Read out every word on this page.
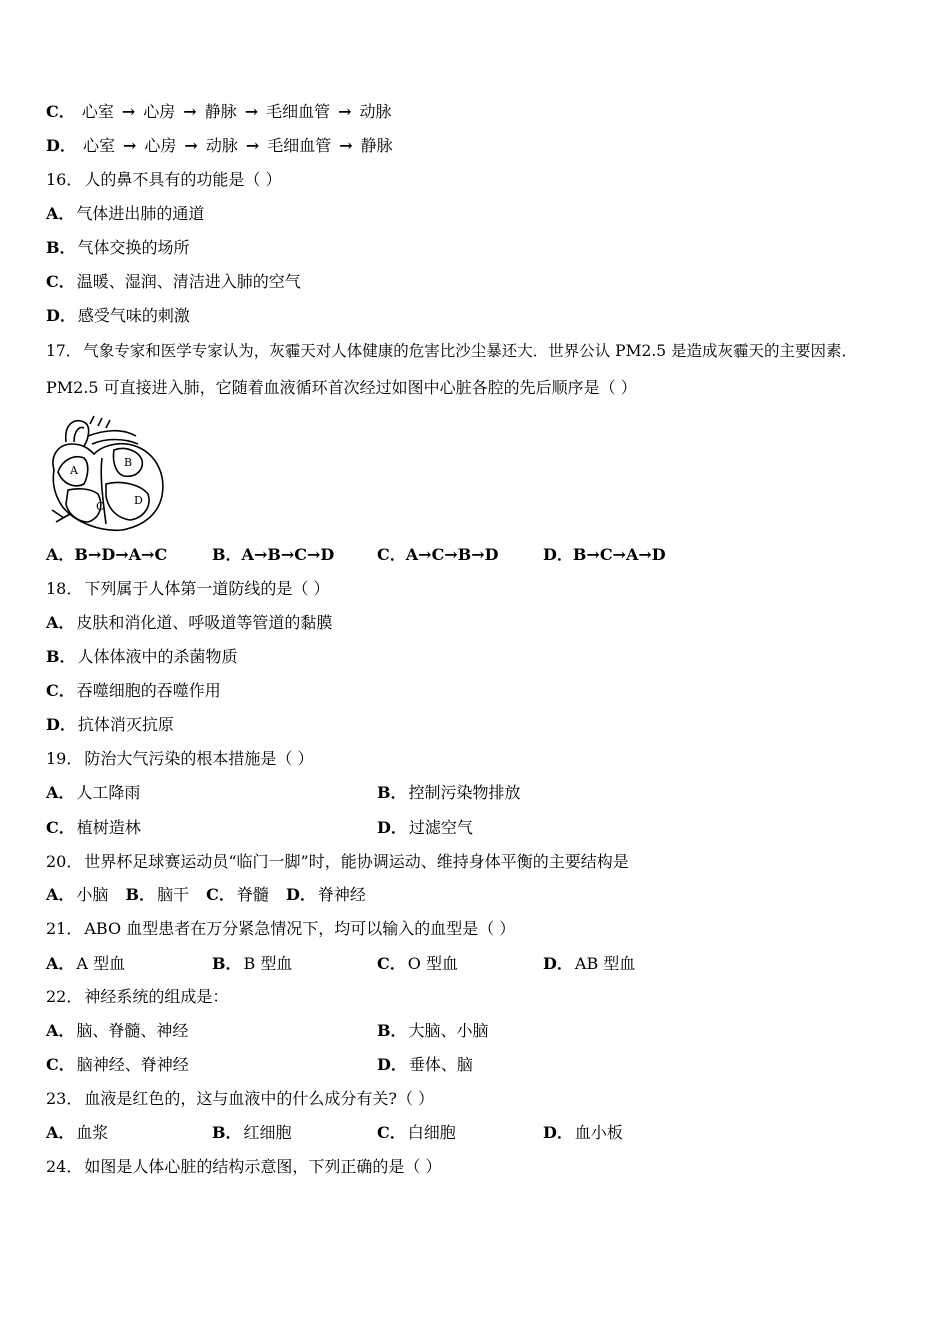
C． 心室 → 心房 → 静脉 → 毛细血管 → 动脉
D． 心室 → 心房 → 动脉 → 毛细血管 → 静脉
16． 人的鼻不具有的功能是（ ）
A． 气体进出肺的通道
B． 气体交换的场所
C． 温暖、湿润、清洁进入肺的空气
D． 感受气味的刺激
17． 气象专家和医学专家认为，灰霾天对人体健康的危害比沙尘暴还大．世界公认 PM2.5 是造成灰霾天的主要因素．
PM2.5 可直接进入肺，它随着血液循环首次经过如图中心脏各腔的先后顺序是（ ）
A
B
C	D
A．B→D→A→C	B．A→B→C→D	C．A→C→B→D	D．B→C→A→D
18． 下列属于人体第一道防线的是（ ）
A． 皮肤和消化道、呼吸道等管道的黏膜
B． 人体体液中的杀菌物质
C． 吞噬细胞的吞噬作用
D． 抗体消灭抗原
19． 防治大气污染的根本措施是（ ）
A． 人工降雨	B． 控制污染物排放
C． 植树造林	D． 过滤空气
20． 世界杯足球赛运动员“临门一脚”时，能协调运动、维持身体平衡的主要结构是
A． 小脑 B． 脑干 C． 脊髓 D． 脊神经
21． ABO 血型患者在万分紧急情况下，均可以输入的血型是（ ）
A． A 型血	B． B 型血	C． O 型血	D． AB 型血
22． 神经系统的组成是：
A． 脑、脊髓、神经	B． 大脑、小脑
C． 脑神经、脊神经	D． 垂体、脑
23． 血液是红色的，这与血液中的什么成分有关?（ ）
A． 血浆	B． 红细胞	C． 白细胞	D． 血小板
24． 如图是人体心脏的结构示意图，下列正确的是（ ）
